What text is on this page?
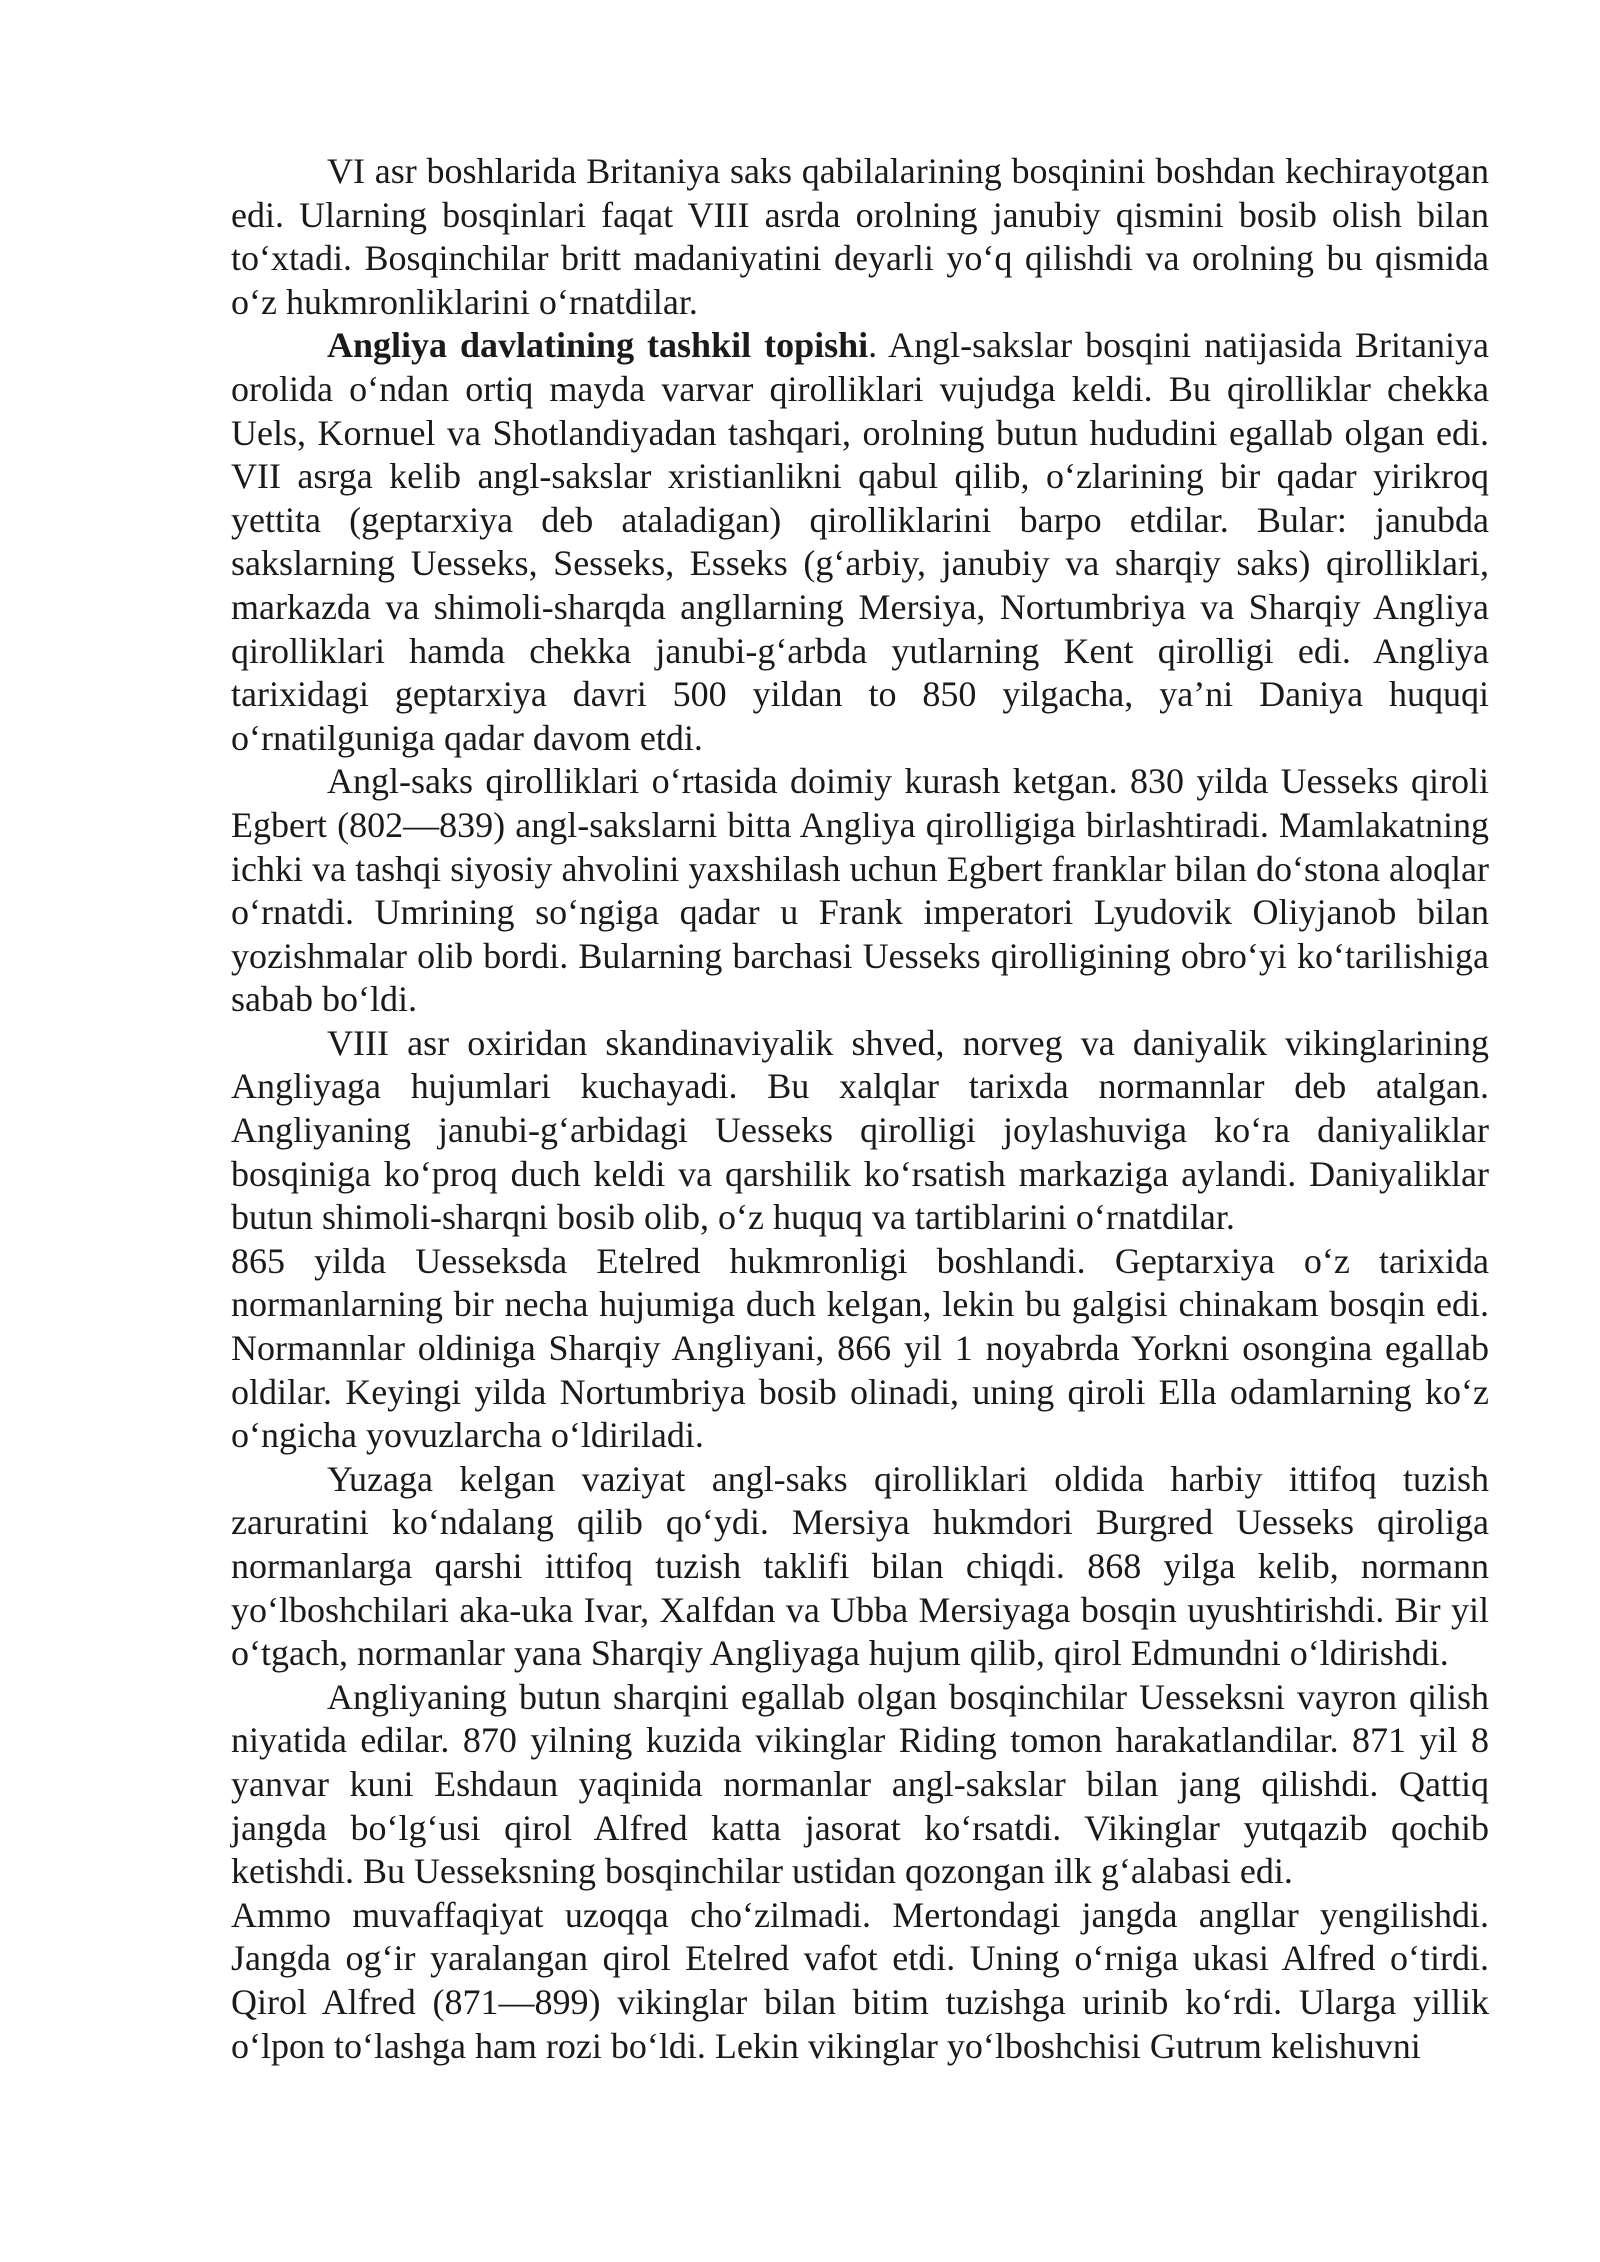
VI asr boshlarida Britaniya saks qabilalarining bosqinini boshdan kechirayotgan edi. Ularning bosqinlari faqat VIII asrda orolning janubiy qismini bosib olish bilan to‘xtadi. Bosqinchilar britt madaniyatini deyarli yo‘q qilishdi va orolning bu qismida o‘z hukmronliklarini o‘rnatdilar.

Angliya davlatining tashkil topishi. Angl-sakslar bosqini natijasida Britaniya orolida o‘ndan ortiq mayda varvar qirolliklari vujudga keldi. Bu qirolliklar chekka Uels, Kornuel va Shotlandiyadan tashqari, orolning butun hududini egallab olgan edi. VII asrga kelib angl-sakslar xristianlikni qabul qilib, o‘zlarining bir qadar yirikroq yettita (geptarxiya deb ataladigan) qirolliklarini barpo etdilar. Bular: janubda sakslarning Uesseks, Sesseks, Esseks (g‘arbiy, janubiy va sharqiy saks) qirolliklari, markazda va shimoli-sharqda angllarning Mersiya, Nortumbriya va Sharqiy Angliya qirolliklari hamda chekka janubi-g‘arbda yutlarning Kent qirolligi edi. Angliya tarixidagi geptarxiya davri 500 yildan to 850 yilgacha, ya’ni Daniya huquqi o‘rnatilguniga qadar davom etdi.

Angl-saks qirolliklari o‘rtasida doimiy kurash ketgan. 830 yilda Uesseks qiroli Egbert (802—839) angl-sakslarni bitta Angliya qirolligiga birlashtiradi. Mamlakatning ichki va tashqi siyosiy ahvolini yaxshilash uchun Egbert franklar bilan do‘stona aloqlar o‘rnatdi. Umrining so‘ngiga qadar u Frank imperatori Lyudovik Oliyjanob bilan yozishmalar olib bordi. Bularning barchasi Uesseks qirolligining obro‘yi ko‘tarilishiga sabab bo‘ldi.

VIII asr oxiridan skandinaviyalik shved, norveg va daniyalik vikinglarining Angliyaga hujumlari kuchayadi. Bu xalqlar tarixda normannlar deb atalgan. Angliyaning janubi-g‘arbidagi Uesseks qirolligi joylashuviga ko‘ra daniyaliklar bosqiniga ko‘proq duch keldi va qarshilik ko‘rsatish markaziga aylandi. Daniyaliklar butun shimoli-sharqni bosib olib, o‘z huquq va tartiblarini o‘rnatdilar.

865 yilda Uesseksda Etelred hukmronligi boshlandi. Geptarxiya o‘z tarixida normanlarning bir necha hujumiga duch kelgan, lekin bu galgisi chinakam bosqin edi. Normannlar oldiniga Sharqiy Angliyani, 866 yil 1 noyabrda Yorkni osongina egallab oldilar. Keyingi yilda Nortumbriya bosib olinadi, uning qiroli Ella odamlarning ko‘z o‘ngicha yovuzlarcha o‘ldiriladi.

Yuzaga kelgan vaziyat angl-saks qirolliklari oldida harbiy ittifoq tuzish zaruratini ko‘ndalang qilib qo‘ydi. Mersiya hukmdori Burgred Uesseks qiroliga normanlarga qarshi ittifoq tuzish taklifi bilan chiqdi. 868 yilga kelib, normann yo‘lboshchilari aka-uka Ivar, Xalfdan va Ubba Mersiyaga bosqin uyushtirishdi. Bir yil o‘tgach, normanlar yana Sharqiy Angliyaga hujum qilib, qirol Edmundni o‘ldirishdi.

Angliyaning butun sharqini egallab olgan bosqinchilar Uesseksni vayron qilish niyatida edilar. 870 yilning kuzida vikinglar Riding tomon harakatlandilar. 871 yil 8 yanvar kuni Eshdaun yaqinida normanlar angl-sakslar bilan jang qilishdi. Qattiq jangda bo‘lg‘usi qirol Alfred katta jasorat ko‘rsatdi. Vikinglar yutqazib qochib ketishdi. Bu Uesseksning bosqinchilar ustidan qozongan ilk g‘alabasi edi.

Ammo muvaffaqiyat uzoqqa cho‘zilmadi. Mertondagi jangda angllar yengilishdi. Jangda og‘ir yaralangan qirol Etelred vafot etdi. Uning o‘rniga ukasi Alfred o‘tirdi. Qirol Alfred (871—899) vikinglar bilan bitim tuzishga urinib ko‘rdi. Ularga yillik o‘lpon to‘lashga ham rozi bo‘ldi. Lekin vikinglar yo‘lboshchisi Gutrum kelishuvni
